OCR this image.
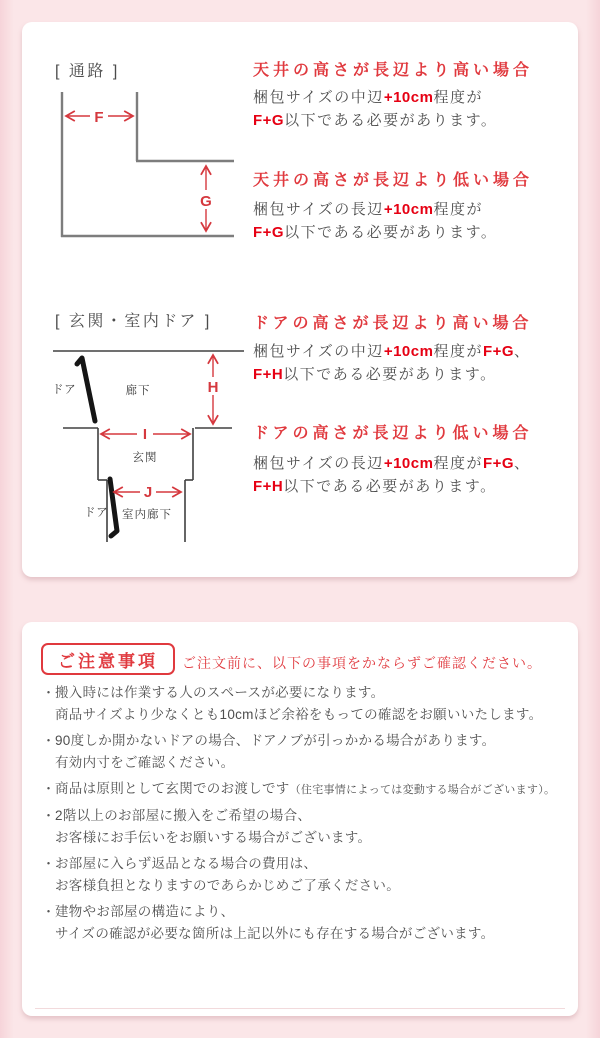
[ 通路 ]
F
G
天井の高さが長辺より高い場合
梱包サイズの中辺+10cm程度が
F+G以下である必要があります。
天井の高さが長辺より低い場合
梱包サイズの長辺+10cm程度が
F+G以下である必要があります。
[ 玄関・室内ドア ]
H
I
J
ドア	廊下
玄関
ドア 室内廊下
ドアの高さが長辺より高い場合
梱包サイズの中辺+10cm程度がF+G、
F+H以下である必要があります。
ドアの高さが長辺より低い場合
梱包サイズの長辺+10cm程度がF+G、
F+H以下である必要があります。
ご注意事項	ご注文前に、以下の事項をかならずご確認ください。
・ 搬入時には作業する人のスペースが必要になります。
商品サイズより少なくとも10cmほど余裕をもっての確認をお願いいたします。
・ 90度しか開かないドアの場合、ドアノブが引っかかる場合があります。
有効内寸をご確認ください。
・ 商品は原則として玄関でのお渡しです（住宅事情によっては変動する場合がございます）。
・ 2階以上のお部屋に搬入をご希望の場合、
お客様にお手伝いをお願いする場合がございます。
・ お部屋に入らず返品となる場合の費用は、
お客様負担となりますのであらかじめご了承ください。
・ 建物やお部屋の構造により、
サイズの確認が必要な箇所は上記以外にも存在する場合がございます。
